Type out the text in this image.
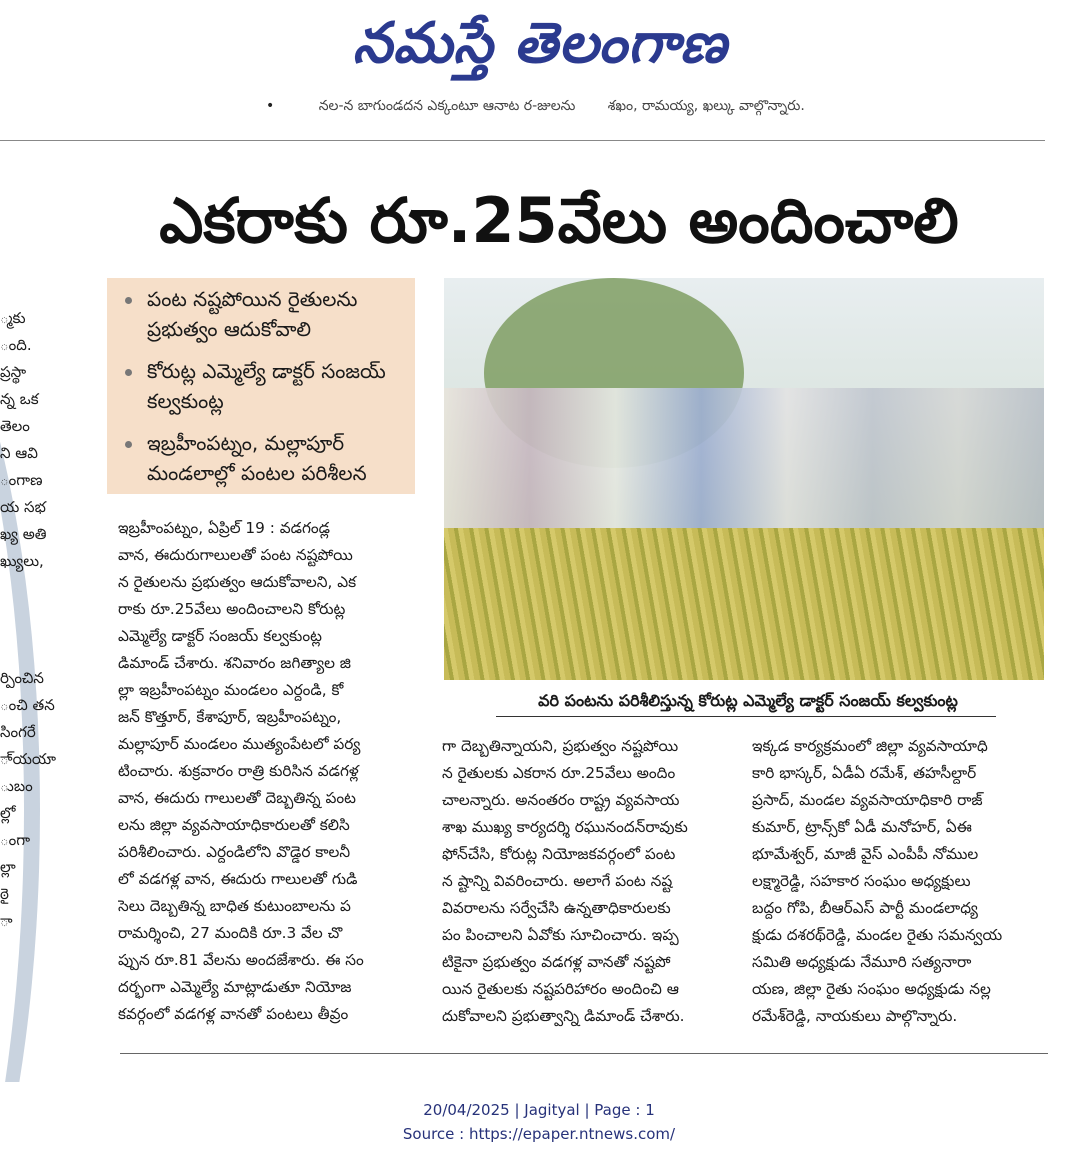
నమస్తే తెలంగాణ
•	నల-న బాగుండదన ఎక్కంటూ ఆనాట ర-జులను శఖం, రామయ్య, ఖల్కు వాల్గొన్నారు.
్మకు
ంది.
ప్రస్థా
న్న ఒక
తెలం
ని ఆవి
ంగాణ
య సభ
ఖ్య అతి
ఖ్యులు,
ర్పించిన
ంచి తన
సింగరే
ా్యయా
ుబం
ల్లో
ంగా
ల్లా
ఠై
ా
ఎకరాకు రూ.25వేలు అందించాలి
పంట నష్టపోయిన రైతులను ప్రభుత్వం ఆదుకోవాలి
కోరుట్ల ఎమ్మెల్యే డాక్టర్ సంజయ్ కల్వకుంట్ల
ఇబ్రహీంపట్నం, మల్లాపూర్ మండలాల్లో పంటల పరిశీలన
వరి పంటను పరిశీలిస్తున్న కోరుట్ల ఎమ్మెల్యే డాక్టర్ సంజయ్ కల్వకుంట్ల
ఇబ్రహీంపట్నం, ఏప్రిల్ 19 : వడగండ్ల
వాన, ఈదురుగాలులతో పంట నష్టపోయి
న రైతులను ప్రభుత్వం ఆదుకోవాలని, ఎక
రాకు రూ.25వేలు అందించాలని కోరుట్ల
ఎమ్మెల్యే డాక్టర్ సంజయ్ కల్వకుంట్ల
డిమాండ్ చేశారు. శనివారం జగిత్యాల జి
ల్లా ఇబ్రహీంపట్నం మండలం ఎర్దండి, కో
జన్ కొత్తూర్, కేశాపూర్, ఇబ్రహీంపట్నం,
మల్లాపూర్ మండలం ముత్యంపేటలో పర్య
టించారు. శుక్రవారం రాత్రి కురిసిన వడగళ్ల
వాన, ఈదురు గాలులతో దెబ్బతిన్న పంట
లను జిల్లా వ్యవసాయాధికారులతో కలిసి
పరిశీలించారు. ఎర్దండిలోని వొడ్డెర కాలనీ
లో వడగళ్ల వాన, ఈదురు గాలులతో గుడి
సెలు దెబ్బతిన్న బాధిత కుటుంబాలను ప
రామర్శించి, 27 మందికి రూ.3 వేల చొ
ప్పున రూ.81 వేలను అందజేశారు. ఈ సం
దర్భంగా ఎమ్మెల్యే మాట్లాడుతూ నియోజ
కవర్గంలో వడగళ్ల వానతో పంటలు తీవ్రం
గా దెబ్బతిన్నాయని, ప్రభుత్వం నష్టపోయి
న రైతులకు ఎకరాన రూ.25వేలు అందిం
చాలన్నారు. అనంతరం రాష్ట్ర వ్యవసాయ
శాఖ ముఖ్య కార్యదర్శి రఘునందన్‌రావుకు
ఫోన్‌చేసి, కోరుట్ల నియోజకవర్గంలో పంట
న ష్టాన్ని వివరించారు. అలాగే పంట నష్ట
వివరాలను సర్వేచేసి ఉన్నతాధికారులకు
పం పించాలని ఏవోకు సూచించారు. ఇప్ప
టికైనా ప్రభుత్వం వడగళ్ల వానతో నష్టపో
యిన రైతులకు నష్టపరిహారం అందించి ఆ
దుకోవాలని ప్రభుత్వాన్ని డిమాండ్ చేశారు.
ఇక్కడ కార్యక్రమంలో జిల్లా వ్యవసాయాధి
కారి భాస్కర్, ఏడీఏ రమేశ్, తహసీల్దార్
ప్రసాద్, మండల వ్యవసాయాధికారి రాజ్
కుమార్, ట్రాన్స్‌కో ఏడీ మనోహర్, ఏఈ
భూమేశ్వర్, మాజీ వైస్ ఎంపీపీ నోముల
లక్ష్మారెడ్డి, సహకార సంఘం అధ్యక్షులు
బద్దం గోపి, బీఆర్‌ఎస్ పార్టీ మండలాధ్య
క్షుడు దశరథ్‌రెడ్డి, మండల రైతు సమన్వయ
సమితి అధ్యక్షుడు నేమూరి సత్యనారా
యణ, జిల్లా రైతు సంఘం అధ్యక్షుడు నల్ల
రమేశ్‌రెడ్డి, నాయకులు పాల్గొన్నారు.
20/04/2025 | Jagityal | Page : 1
Source : https://epaper.ntnews.com/
